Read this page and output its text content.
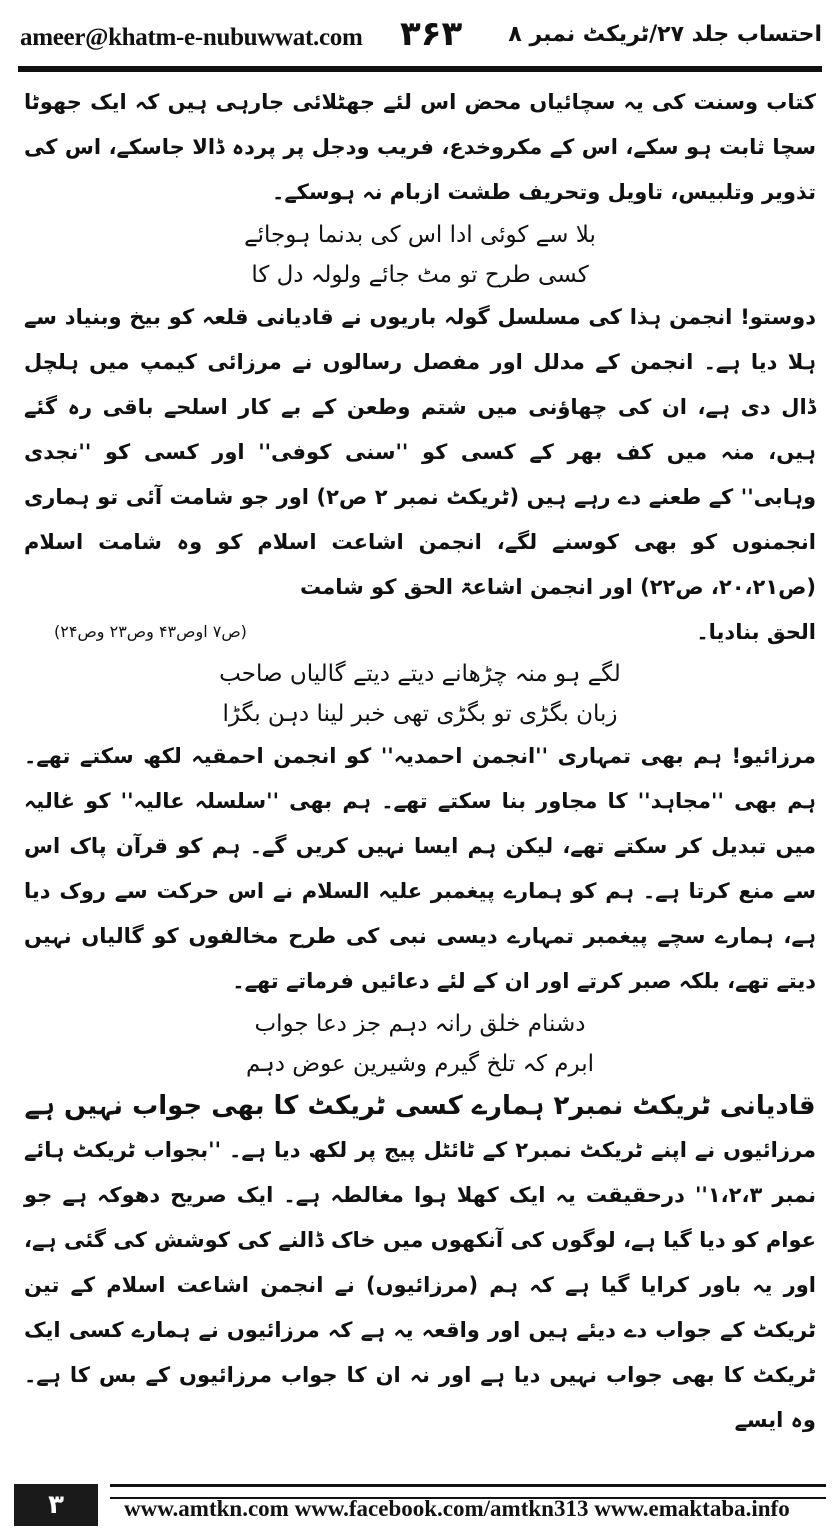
ameer@khatm-e-nubuwwat.com ۳۶۳ احتساب جلد ۲۷/ٹریکٹ نمبر ۸

کتاب وسنت کی یہ سچائیاں محض اس لئے جھٹلائی جارہی ہیں کہ ایک جھوٹا سچا ثابت ہو سکے، اس کے مکروخدع، فریب ودجل پر پردہ ڈالا جاسکے، اس کی تذویر وتلبیس، تاویل وتحریف طشت ازبام نہ ہوسکے۔

بلا سے کوئی ادا اس کی بدنما ہوجائے

کسی طرح تو مٹ جائے ولولہ دل کا

دوستو! انجمن ہذا کی مسلسل گولہ باریوں نے قادیانی قلعہ کو بیخ وبنیاد سے ہلا دیا ہے۔ انجمن کے مدلل اور مفصل رسالوں نے مرزائی کیمپ میں ہلچل ڈال دی ہے، ان کی چھاؤنی میں شتم وطعن کے بے کار اسلحے باقی رہ گئے ہیں، منہ میں کف بھر کے کسی کو ''سنی کوفی'' اور کسی کو ''نجدی وہابی'' کے طعنے دے رہے ہیں (ٹریکٹ نمبر ۲ ص۲) اور جو شامت آئی تو ہماری انجمنوں کو بھی کوسنے لگے، انجمن اشاعت اسلام کو وہ شامت اسلام (ص۲۰،۲۱، ص۲۲) اور انجمن اشاعۃ الحق کو شامت

الحق بنادیا۔
(ص۷ اوص۴۳ وص۲۳ وص۲۴)

لگے ہو منہ چڑھانے دیتے دیتے گالیاں صاحب

زبان بگڑی تو بگڑی تھی خبر لینا دہن بگڑا

مرزائیو! ہم بھی تمہاری ''انجمن احمدیہ'' کو انجمن احمقیہ لکھ سکتے تھے۔ ہم بھی ''مجاہد'' کا مجاور بنا سکتے تھے۔ ہم بھی ''سلسلہ عالیہ'' کو غالیہ میں تبدیل کر سکتے تھے، لیکن ہم ایسا نہیں کریں گے۔ ہم کو قرآن پاک اس سے منع کرتا ہے۔ ہم کو ہمارے پیغمبر علیہ السلام نے اس حرکت سے روک دیا ہے، ہمارے سچے پیغمبر تمہارے دیسی نبی کی طرح مخالفوں کو گالیاں نہیں دیتے تھے، بلکہ صبر کرتے اور ان کے لئے دعائیں فرماتے تھے۔

دشنام خلق رانہ دہم جز دعا جواب

ابرم کہ تلخ گیرم وشیرین عوض دہم

قادیانی ٹریکٹ نمبر۲ ہمارے کسی ٹریکٹ کا بھی جواب نہیں ہے

مرزائیوں نے اپنے ٹریکٹ نمبر۲ کے ٹائٹل پیج پر لکھ دیا ہے۔ ''بجواب ٹریکٹ ہائے نمبر ۱،۲،۳'' درحقیقت یہ ایک کھلا ہوا مغالطہ ہے۔ ایک صریح دھوکہ ہے جو عوام کو دیا گیا ہے، لوگوں کی آنکھوں میں خاک ڈالنے کی کوشش کی گئی ہے، اور یہ باور کرایا گیا ہے کہ ہم (مرزائیوں) نے انجمن اشاعت اسلام کے تین ٹریکٹ کے جواب دے دیئے ہیں اور واقعہ یہ ہے کہ مرزائیوں نے ہمارے کسی ایک ٹریکٹ کا بھی جواب نہیں دیا ہے اور نہ ان کا جواب مرزائیوں کے بس کا ہے۔ وہ ایسے

۳	www.amtkn.com www.facebook.com/amtkn313 www.emaktaba.info
